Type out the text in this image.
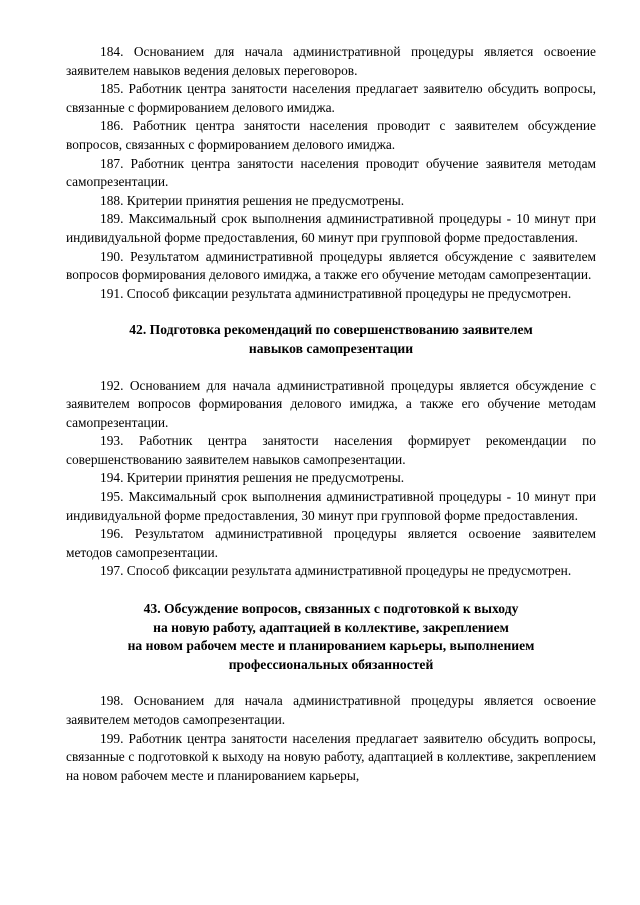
184. Основанием для начала административной процедуры является освоение заявителем навыков ведения деловых переговоров.

185. Работник центра занятости населения предлагает заявителю обсудить вопросы, связанные с формированием делового имиджа.

186. Работник центра занятости населения проводит с заявителем обсуждение вопросов, связанных с формированием делового имиджа.

187. Работник центра занятости населения проводит обучение заявителя методам самопрезентации.

188. Критерии принятия решения не предусмотрены.

189. Максимальный срок выполнения административной процедуры - 10 минут при индивидуальной форме предоставления, 60 минут при групповой форме предоставления.

190. Результатом административной процедуры является обсуждение с заявителем вопросов формирования делового имиджа, а также его обучение методам самопрезентации.

191. Способ фиксации результата административной процедуры не предусмотрен.

42. Подготовка рекомендаций по совершенствованию заявителем
навыков самопрезентации

192. Основанием для начала административной процедуры является обсуждение с заявителем вопросов формирования делового имиджа, а также его обучение методам самопрезентации.

193. Работник центра занятости населения формирует рекомендации по совершенствованию заявителем навыков самопрезентации.

194. Критерии принятия решения не предусмотрены.

195. Максимальный срок выполнения административной процедуры - 10 минут при индивидуальной форме предоставления, 30 минут при групповой форме предоставления.

196. Результатом административной процедуры является освоение заявителем методов самопрезентации.

197. Способ фиксации результата административной процедуры не предусмотрен.

43. Обсуждение вопросов, связанных с подготовкой к выходу
на новую работу, адаптацией в коллективе, закреплением
на новом рабочем месте и планированием карьеры, выполнением
профессиональных обязанностей

198. Основанием для начала административной процедуры является освоение заявителем методов самопрезентации.

199. Работник центра занятости населения предлагает заявителю обсудить вопросы, связанные с подготовкой к выходу на новую работу, адаптацией в коллективе, закреплением на новом рабочем месте и планированием карьеры,
